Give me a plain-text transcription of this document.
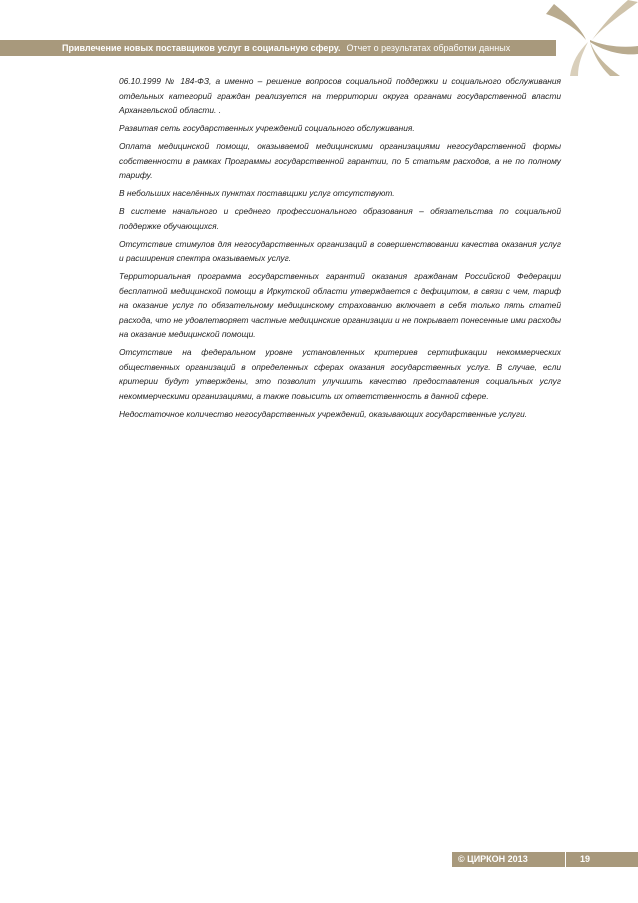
Привлечение новых поставщиков услуг в социальную сферу. Отчет о результатах обработки данных

06.10.1999 № 184-ФЗ, а именно – решение вопросов социальной поддержки и социального обслуживания отдельных категорий граждан реализуется на территории округа органами государственной власти Архангельской области. .

Развитая сеть государственных учреждений социального обслуживания.

Оплата медицинской помощи, оказываемой медицинскими организациями негосударственной формы собственности в рамках Программы государственной гарантии, по 5 статьям расходов, а не по полному тарифу.

В небольших населённых пунктах поставщики услуг отсутствуют.

В системе начального и среднего профессионального образования – обязательства по социальной поддержке обучающихся.

Отсутствие стимулов для негосударственных организаций в совершенствовании качества оказания услуг и расширения спектра оказываемых услуг.

Территориальная программа государственных гарантий оказания гражданам Российской Федерации бесплатной медицинской помощи в Иркутской области утверждается с дефицитом, в связи с чем, тариф на оказание услуг по обязательному медицинскому страхованию включает в себя только пять статей расхода, что не удовлетворяет частные медицинские организации и не покрывает понесенные ими расходы на оказание медицинской помощи.

Отсутствие на федеральном уровне установленных критериев сертификации некоммерческих общественных организаций в определенных сферах оказания государственных услуг. В случае, если критерии будут утверждены, это позволит улучшить качество предоставления социальных услуг некоммерческими организациями, а также повысить их ответственность в данной сфере.

Недостаточное количество негосударственных учреждений, оказывающих государственные услуги.

© ЦИРКОН 2013	19
